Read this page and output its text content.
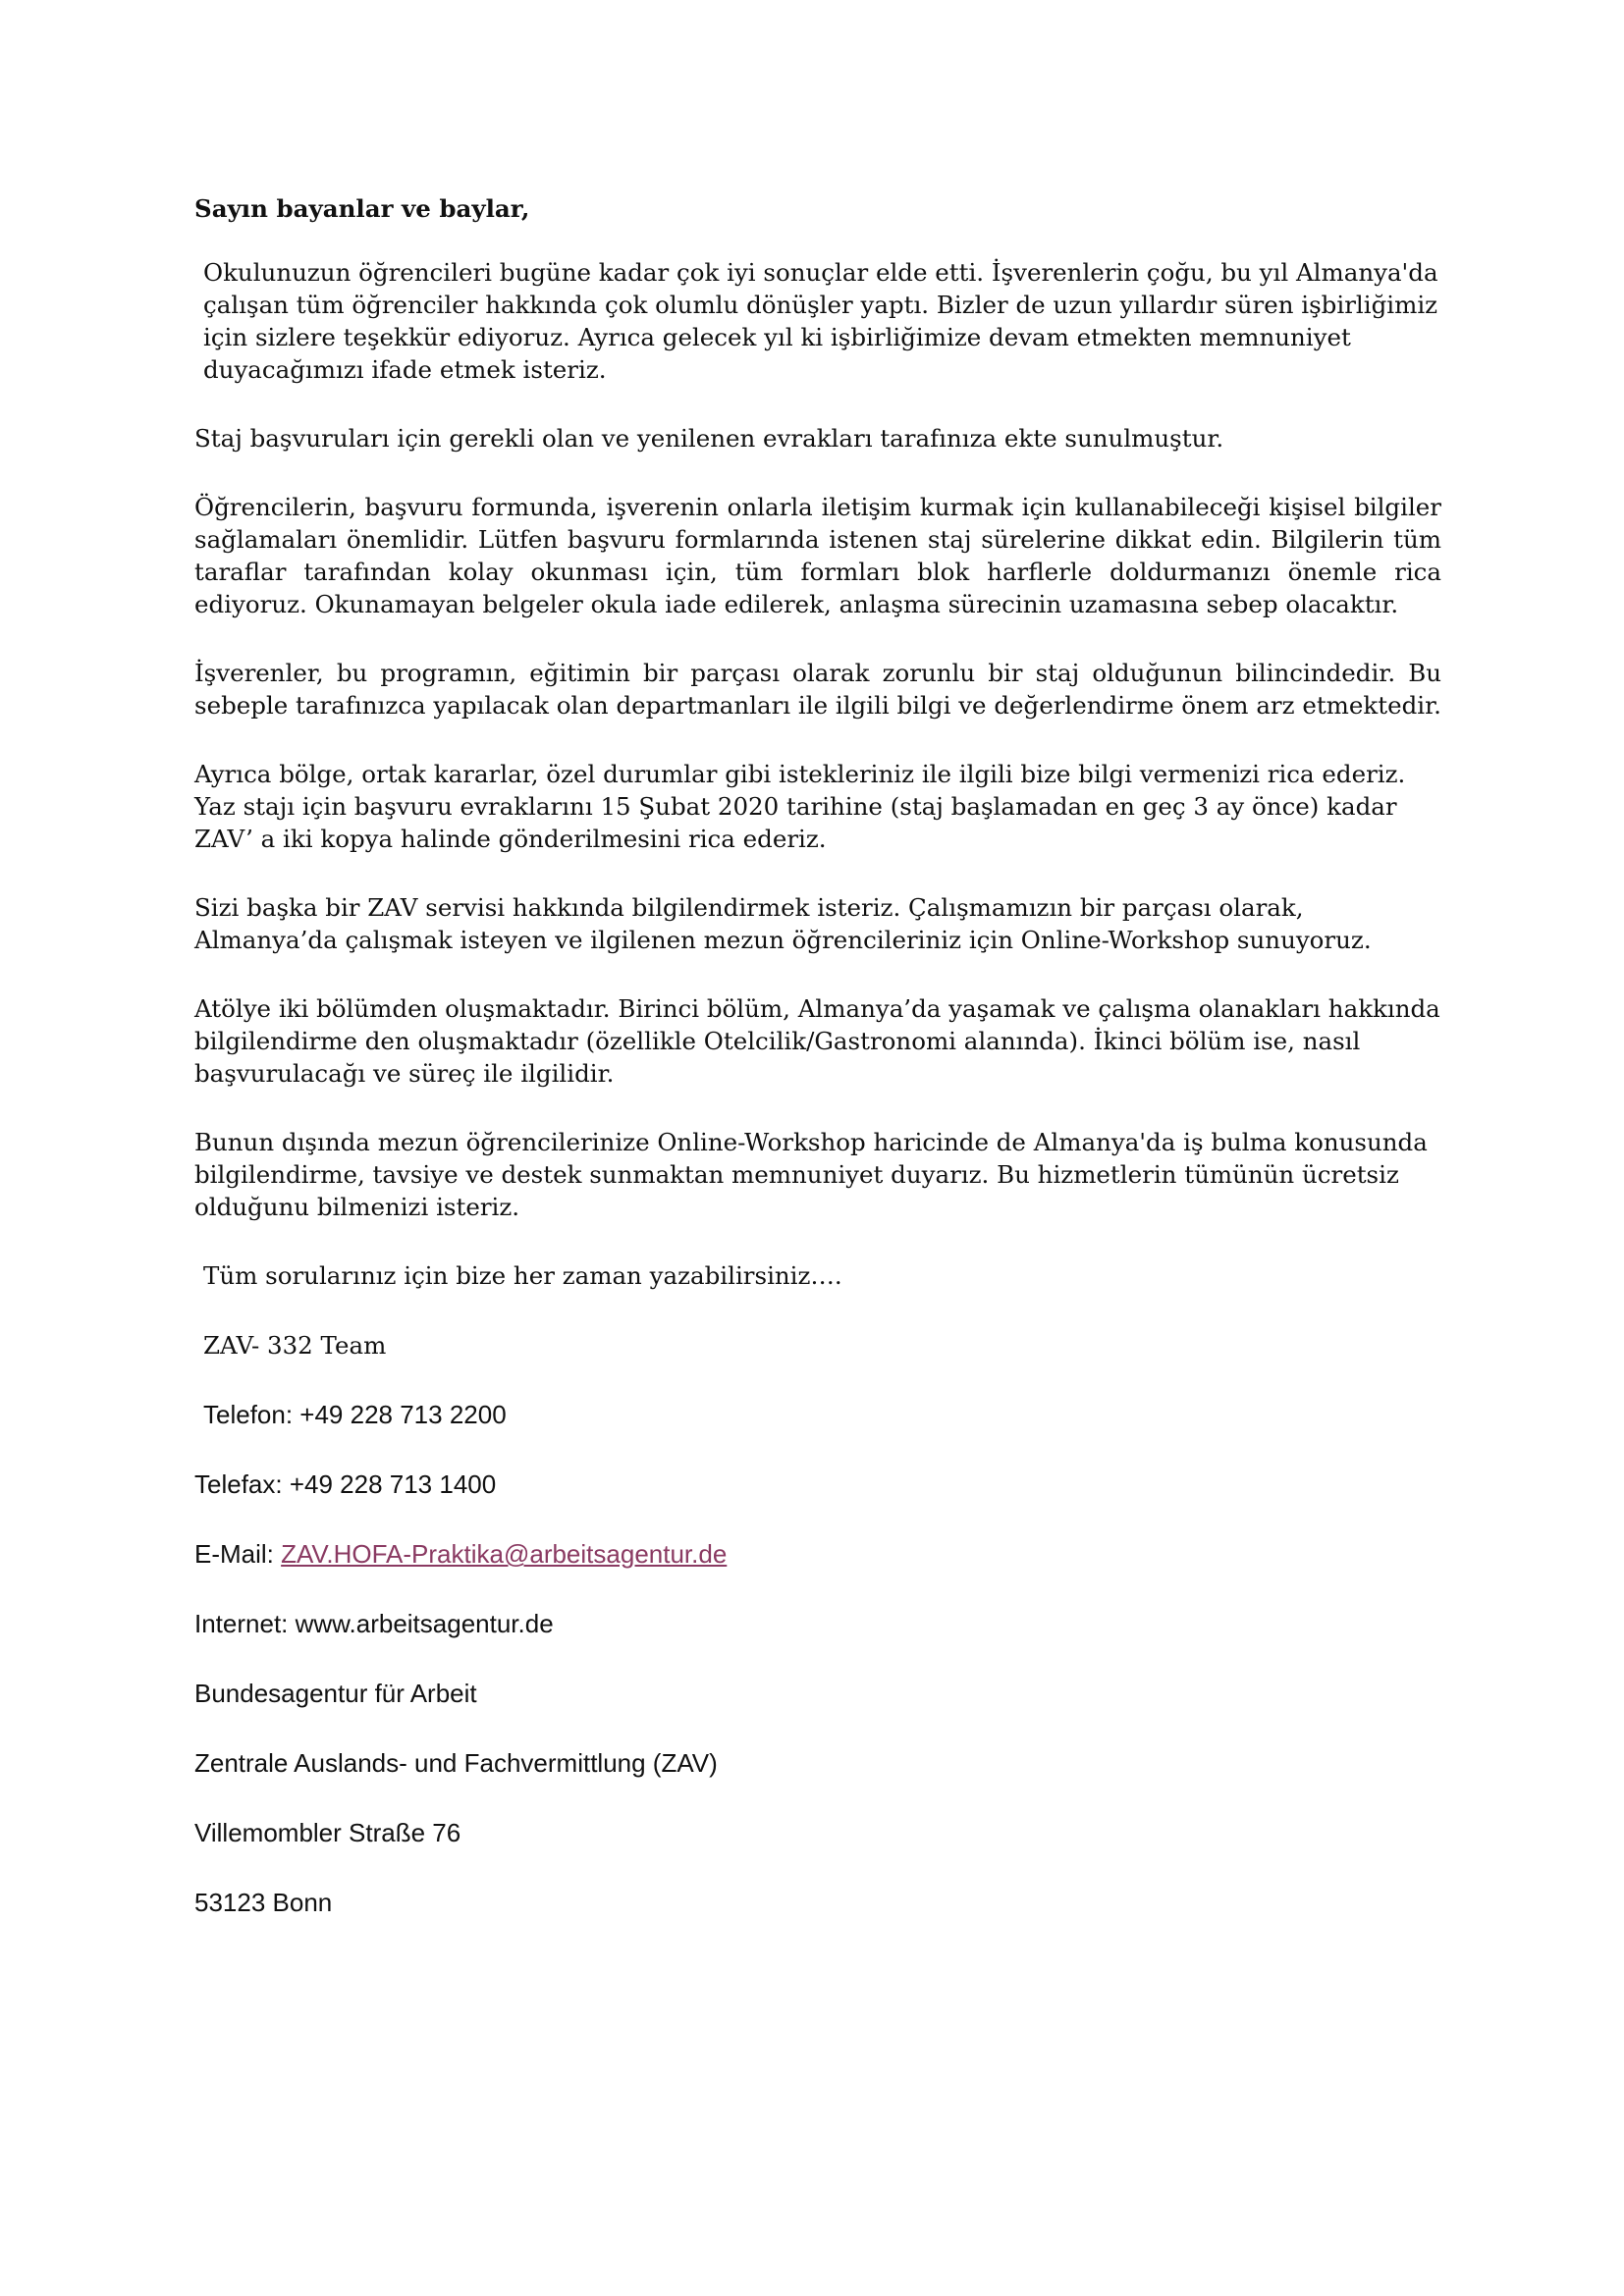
Sayın bayanlar ve baylar,

Okulunuzun öğrencileri bugüne kadar çok iyi sonuçlar elde etti. İşverenlerin çoğu, bu yıl Almanya'da çalışan tüm öğrenciler hakkında çok olumlu dönüşler yaptı. Bizler de uzun yıllardır süren işbirliğimiz için sizlere teşekkür ediyoruz. Ayrıca gelecek yıl ki işbirliğimize devam etmekten memnuniyet duyacağımızı ifade etmek isteriz.

Staj başvuruları için gerekli olan ve yenilenen evrakları tarafınıza ekte sunulmuştur.

Öğrencilerin, başvuru formunda, işverenin onlarla iletişim kurmak için kullanabileceği kişisel bilgiler sağlamaları önemlidir. Lütfen başvuru formlarında istenen staj sürelerine dikkat edin. Bilgilerin tüm taraflar tarafından kolay okunması için, tüm formları blok harflerle doldurmanızı önemle rica ediyoruz. Okunamayan belgeler okula iade edilerek, anlaşma sürecinin uzamasına sebep olacaktır.

İşverenler, bu programın, eğitimin bir parçası olarak zorunlu bir staj olduğunun bilincindedir. Bu sebeple tarafınızca yapılacak olan departmanları ile ilgili bilgi ve değerlendirme önem arz etmektedir.

Ayrıca bölge, ortak kararlar, özel durumlar gibi istekleriniz ile ilgili bize bilgi vermenizi rica ederiz. Yaz stajı için başvuru evraklarını 15 Şubat 2020 tarihine (staj başlamadan en geç 3 ay önce) kadar ZAV’ a iki kopya halinde gönderilmesini rica ederiz.

Sizi başka bir ZAV servisi hakkında bilgilendirmek isteriz. Çalışmamızın bir parçası olarak, Almanya’da çalışmak isteyen ve ilgilenen mezun öğrencileriniz için Online-Workshop sunuyoruz.

Atölye iki bölümden oluşmaktadır. Birinci bölüm, Almanya’da yaşamak ve çalışma olanakları hakkında bilgilendirme den oluşmaktadır (özellikle Otelcilik/Gastronomi alanında). İkinci bölüm ise, nasıl başvurulacağı ve süreç ile ilgilidir.

Bunun dışında mezun öğrencilerinize Online-Workshop haricinde de Almanya'da iş bulma konusunda bilgilendirme, tavsiye ve destek sunmaktan memnuniyet duyarız. Bu hizmetlerin tümünün ücretsiz olduğunu bilmenizi isteriz.

Tüm sorularınız için bize her zaman yazabilirsiniz….

ZAV- 332 Team

Telefon: +49 228 713 2200

Telefax: +49 228 713 1400

E-Mail: ZAV.HOFA-Praktika@arbeitsagentur.de

Internet: www.arbeitsagentur.de

Bundesagentur für Arbeit

Zentrale Auslands- und Fachvermittlung (ZAV)

Villemombler Straße 76

53123 Bonn
